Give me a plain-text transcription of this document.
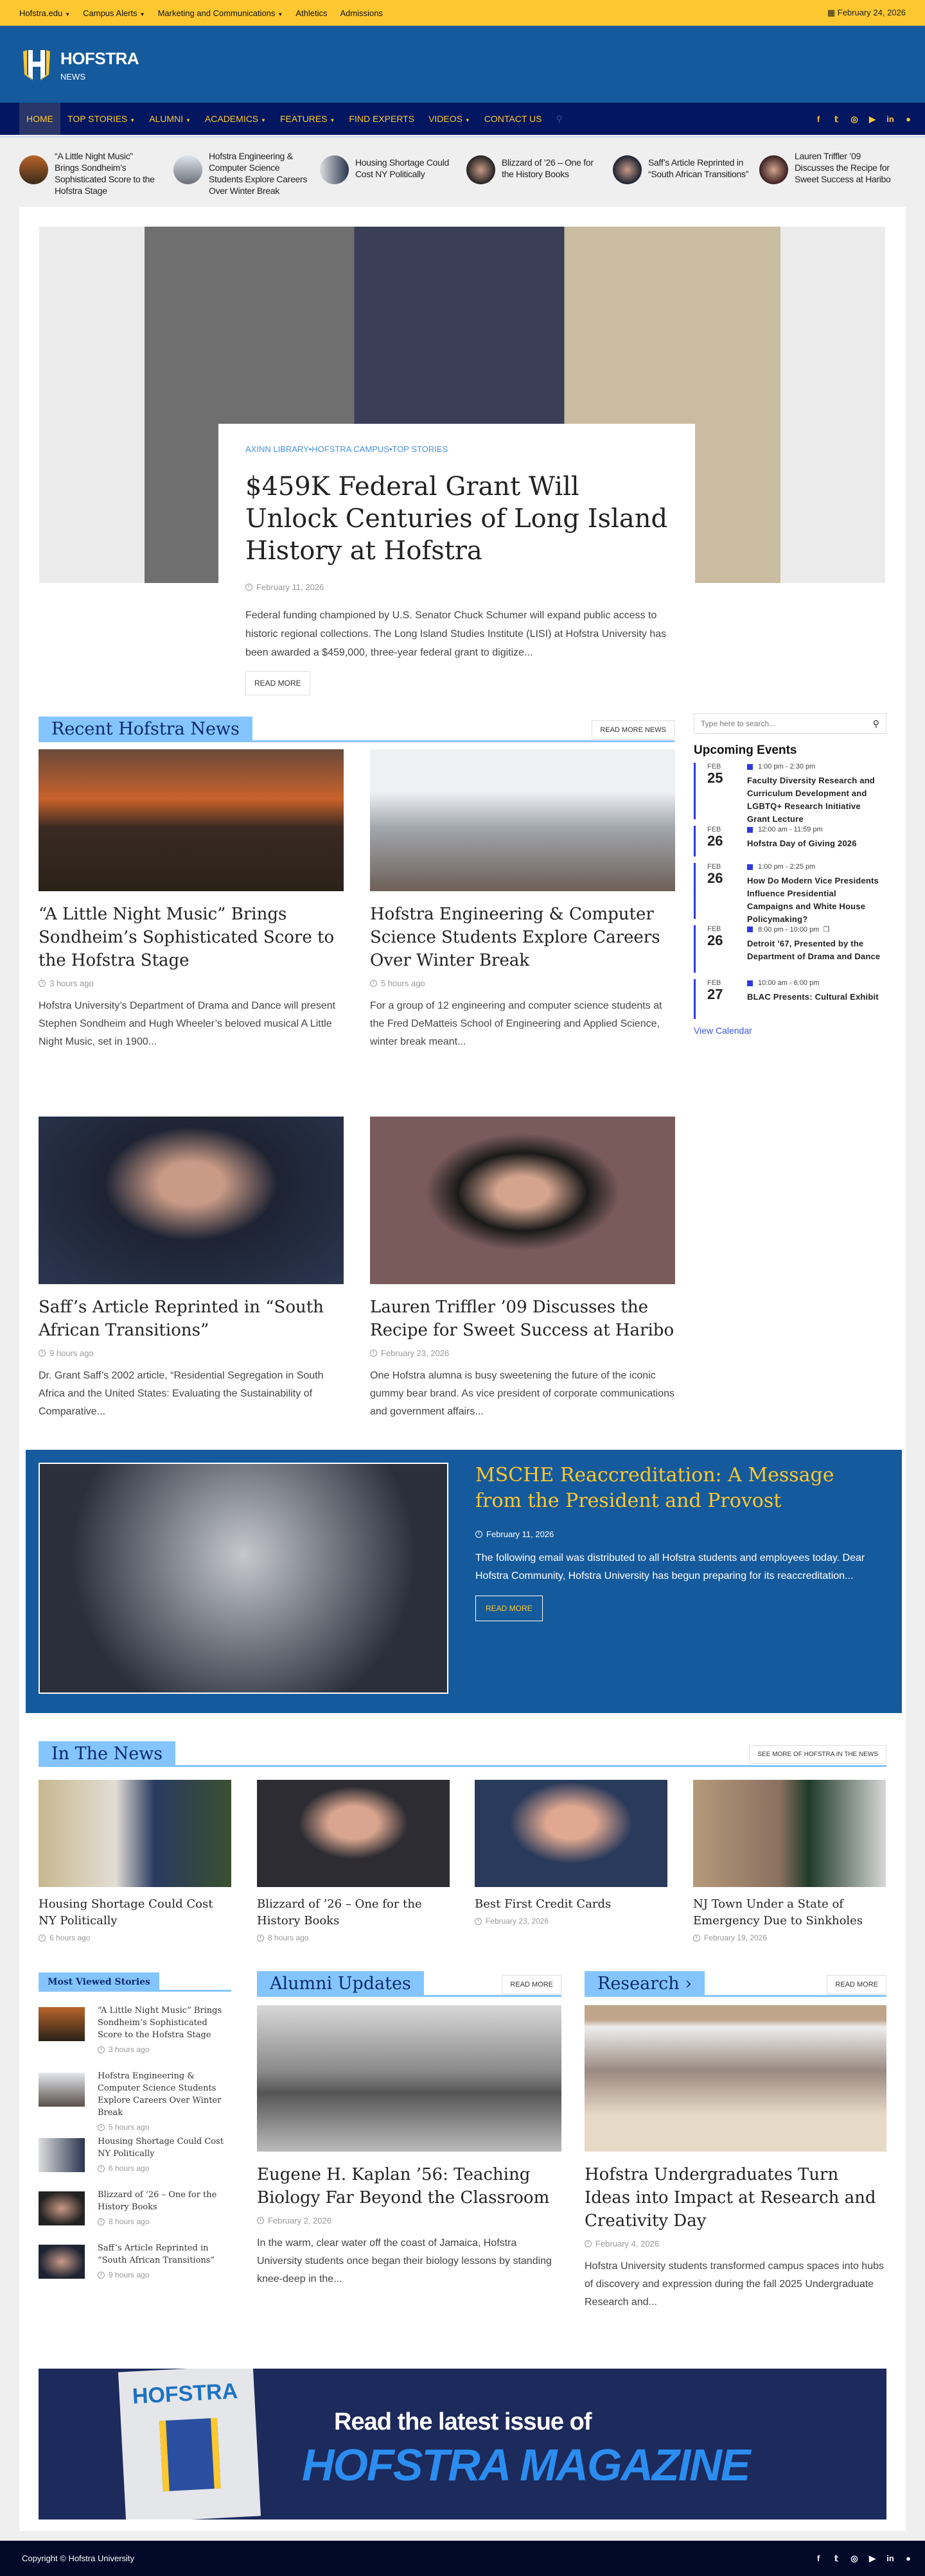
Hofstra.edu ▼ Campus Alerts ▼ Marketing and Communications ▼ Athletics Admissions	▦ February 24, 2026
HOFSTRA
NEWS
HOME	TOP STORIES ▼	ALUMNI ▼	ACADEMICS ▼	FEATURES ▼	FIND EXPERTS	VIDEOS ▼	CONTACT US	⚲	f	𝕥	◎ ▶ in	●
“A Little Night Music” Brings Sondheim’s Sophisticated Score to the Hofstra Stage
Hofstra Engineering & Computer Science Students Explore Careers Over Winter Break
Housing Shortage Could Cost NY Politically
Blizzard of ’26 – One for the History Books
Saff’s Article Reprinted in “South African Transitions”
Lauren Triffler ’09 Discusses the Recipe for Sweet Success at Haribo
AXINN LIBRARY•HOFSTRA CAMPUS•TOP STORIES
$459K Federal Grant Will Unlock Centuries of Long Island History at Hofstra
February 11, 2026
Federal funding championed by U.S. Senator Chuck Schumer will expand public access to historic regional collections. The Long Island Studies Institute (LISI) at Hofstra University has been awarded a $459,000, three-year federal grant to digitize...
READ MORE
Recent Hofstra News	READ MORE NEWS
“A Little Night Music” Brings Sondheim’s Sophisticated Score to the Hofstra Stage
3 hours ago
Hofstra University’s Department of Drama and Dance will present Stephen Sondheim and Hugh Wheeler’s beloved musical A Little Night Music, set in 1900...
Hofstra Engineering & Computer Science Students Explore Careers Over Winter Break
5 hours ago
For a group of 12 engineering and computer science students at the Fred DeMatteis School of Engineering and Applied Science, winter break meant...
Saff’s Article Reprinted in “South African Transitions”
9 hours ago
Dr. Grant Saff’s 2002 article, “Residential Segregation in South Africa and the United States: Evaluating the Sustainability of Comparative...
Lauren Triffler ’09 Discusses the Recipe for Sweet Success at Haribo
February 23, 2026
One Hofstra alumna is busy sweetening the future of the iconic gummy bear brand. As vice president of corporate communications and government affairs...
Type here to search...	⚲
Upcoming Events
FEB
25
1:00 pm - 2:30 pm
Faculty Diversity Research and Curriculum Development and LGBTQ+ Research Initiative Grant Lecture
FEB
26
12:00 am - 11:59 pm
Hofstra Day of Giving 2026
FEB
26
1:00 pm - 2:25 pm
How Do Modern Vice Presidents Influence Presidential Campaigns and White House Policymaking?
FEB
26
8:00 pm - 10:00 pm ❐
Detroit ’67, Presented by the Department of Drama and Dance
FEB
27
10:00 am - 6:00 pm
BLAC Presents: Cultural Exhibit
View Calendar
MSCHE Reaccreditation: A Message from the President and Provost
February 11, 2026
The following email was distributed to all Hofstra students and employees today. Dear Hofstra Community, Hofstra University has begun preparing for its reaccreditation...
READ MORE
In The News	SEE MORE OF HOFSTRA IN THE NEWS
Housing Shortage Could Cost NY Politically
6 hours ago
Blizzard of ’26 – One for the History Books
8 hours ago
Best First Credit Cards
February 23, 2026
NJ Town Under a State of Emergency Due to Sinkholes
February 19, 2026
Most Viewed Stories
“A Little Night Music” Brings Sondheim’s Sophisticated Score to the Hofstra Stage
3 hours ago
Hofstra Engineering & Computer Science Students Explore Careers Over Winter Break
5 hours ago
Housing Shortage Could Cost NY Politically
6 hours ago
Blizzard of ’26 – One for the History Books
8 hours ago
Saff’s Article Reprinted in “South African Transitions”
9 hours ago
Alumni Updates	READ MORE
Eugene H. Kaplan ’56: Teaching Biology Far Beyond the Classroom
February 2, 2026
In the warm, clear water off the coast of Jamaica, Hofstra University students once began their biology lessons by standing knee-deep in the...
Research ›	READ MORE
Hofstra Undergraduates Turn Ideas into Impact at Research and Creativity Day
February 4, 2026
Hofstra University students transformed campus spaces into hubs of discovery and expression during the fall 2025 Undergraduate Research and...
HOFSTRA
Read the latest issue of
HOFSTRA MAGAZINE
Copyright © Hofstra University	f	𝕥	◎ ▶ in	●
